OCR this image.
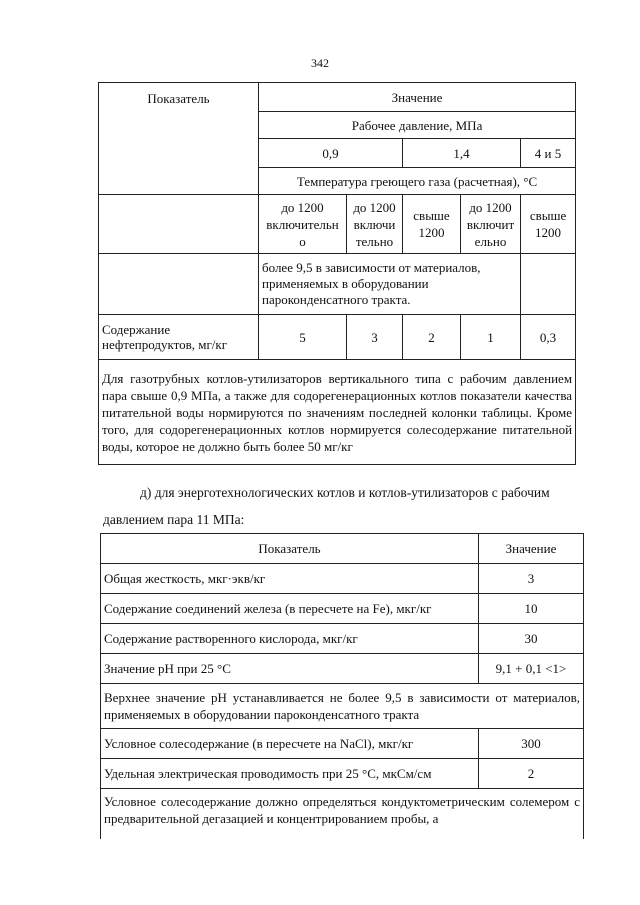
342
Показатель	Значение				
	Рабочее давление, МПа				
	0,9		1,4		4 и 5
	Температура греющего газа (расчетная), °С				
	до 1200 включительн о	до 1200 включи тельно	свыше 1200	до 1200 включит ельно	свыше 1200
	более 9,5 в зависимости от материалов, применяемых в оборудовании пароконденсатного тракта.				
Содержание нефтепродуктов, мг/кг	5	3	2	1	0,3
Для газотрубных котлов-утилизаторов вертикального типа с рабочим давлением пара свыше 0,9 МПа, а также для содорегенерационных котлов показатели качества питательной воды нормируются по значениям последней колонки таблицы. Кроме того, для содорегенерационных котлов нормируется солесодержание питательной воды, которое не должно быть более 50 мг/кг					
д) для энерготехнологических котлов и котлов-утилизаторов с рабочим
давлением пара 11 МПа:
Показатель	Значение
Общая жесткость, мкг·экв/кг	3
Содержание соединений железа (в пересчете на Fe), мкг/кг	10
Содержание растворенного кислорода, мкг/кг	30
Значение рН при 25 °С	9,1 + 0,1 <1>
Верхнее значение рН устанавливается не более 9,5 в зависимости от материалов, применяемых в оборудовании пароконденсатного тракта	
Условное солесодержание (в пересчете на NaCl), мкг/кг	300
Удельная электрическая проводимость при 25 °С, мкСм/см	2
Условное солесодержание должно определяться кондуктометрическим солемером с предварительной дегазацией и концентрированием пробы, а	
